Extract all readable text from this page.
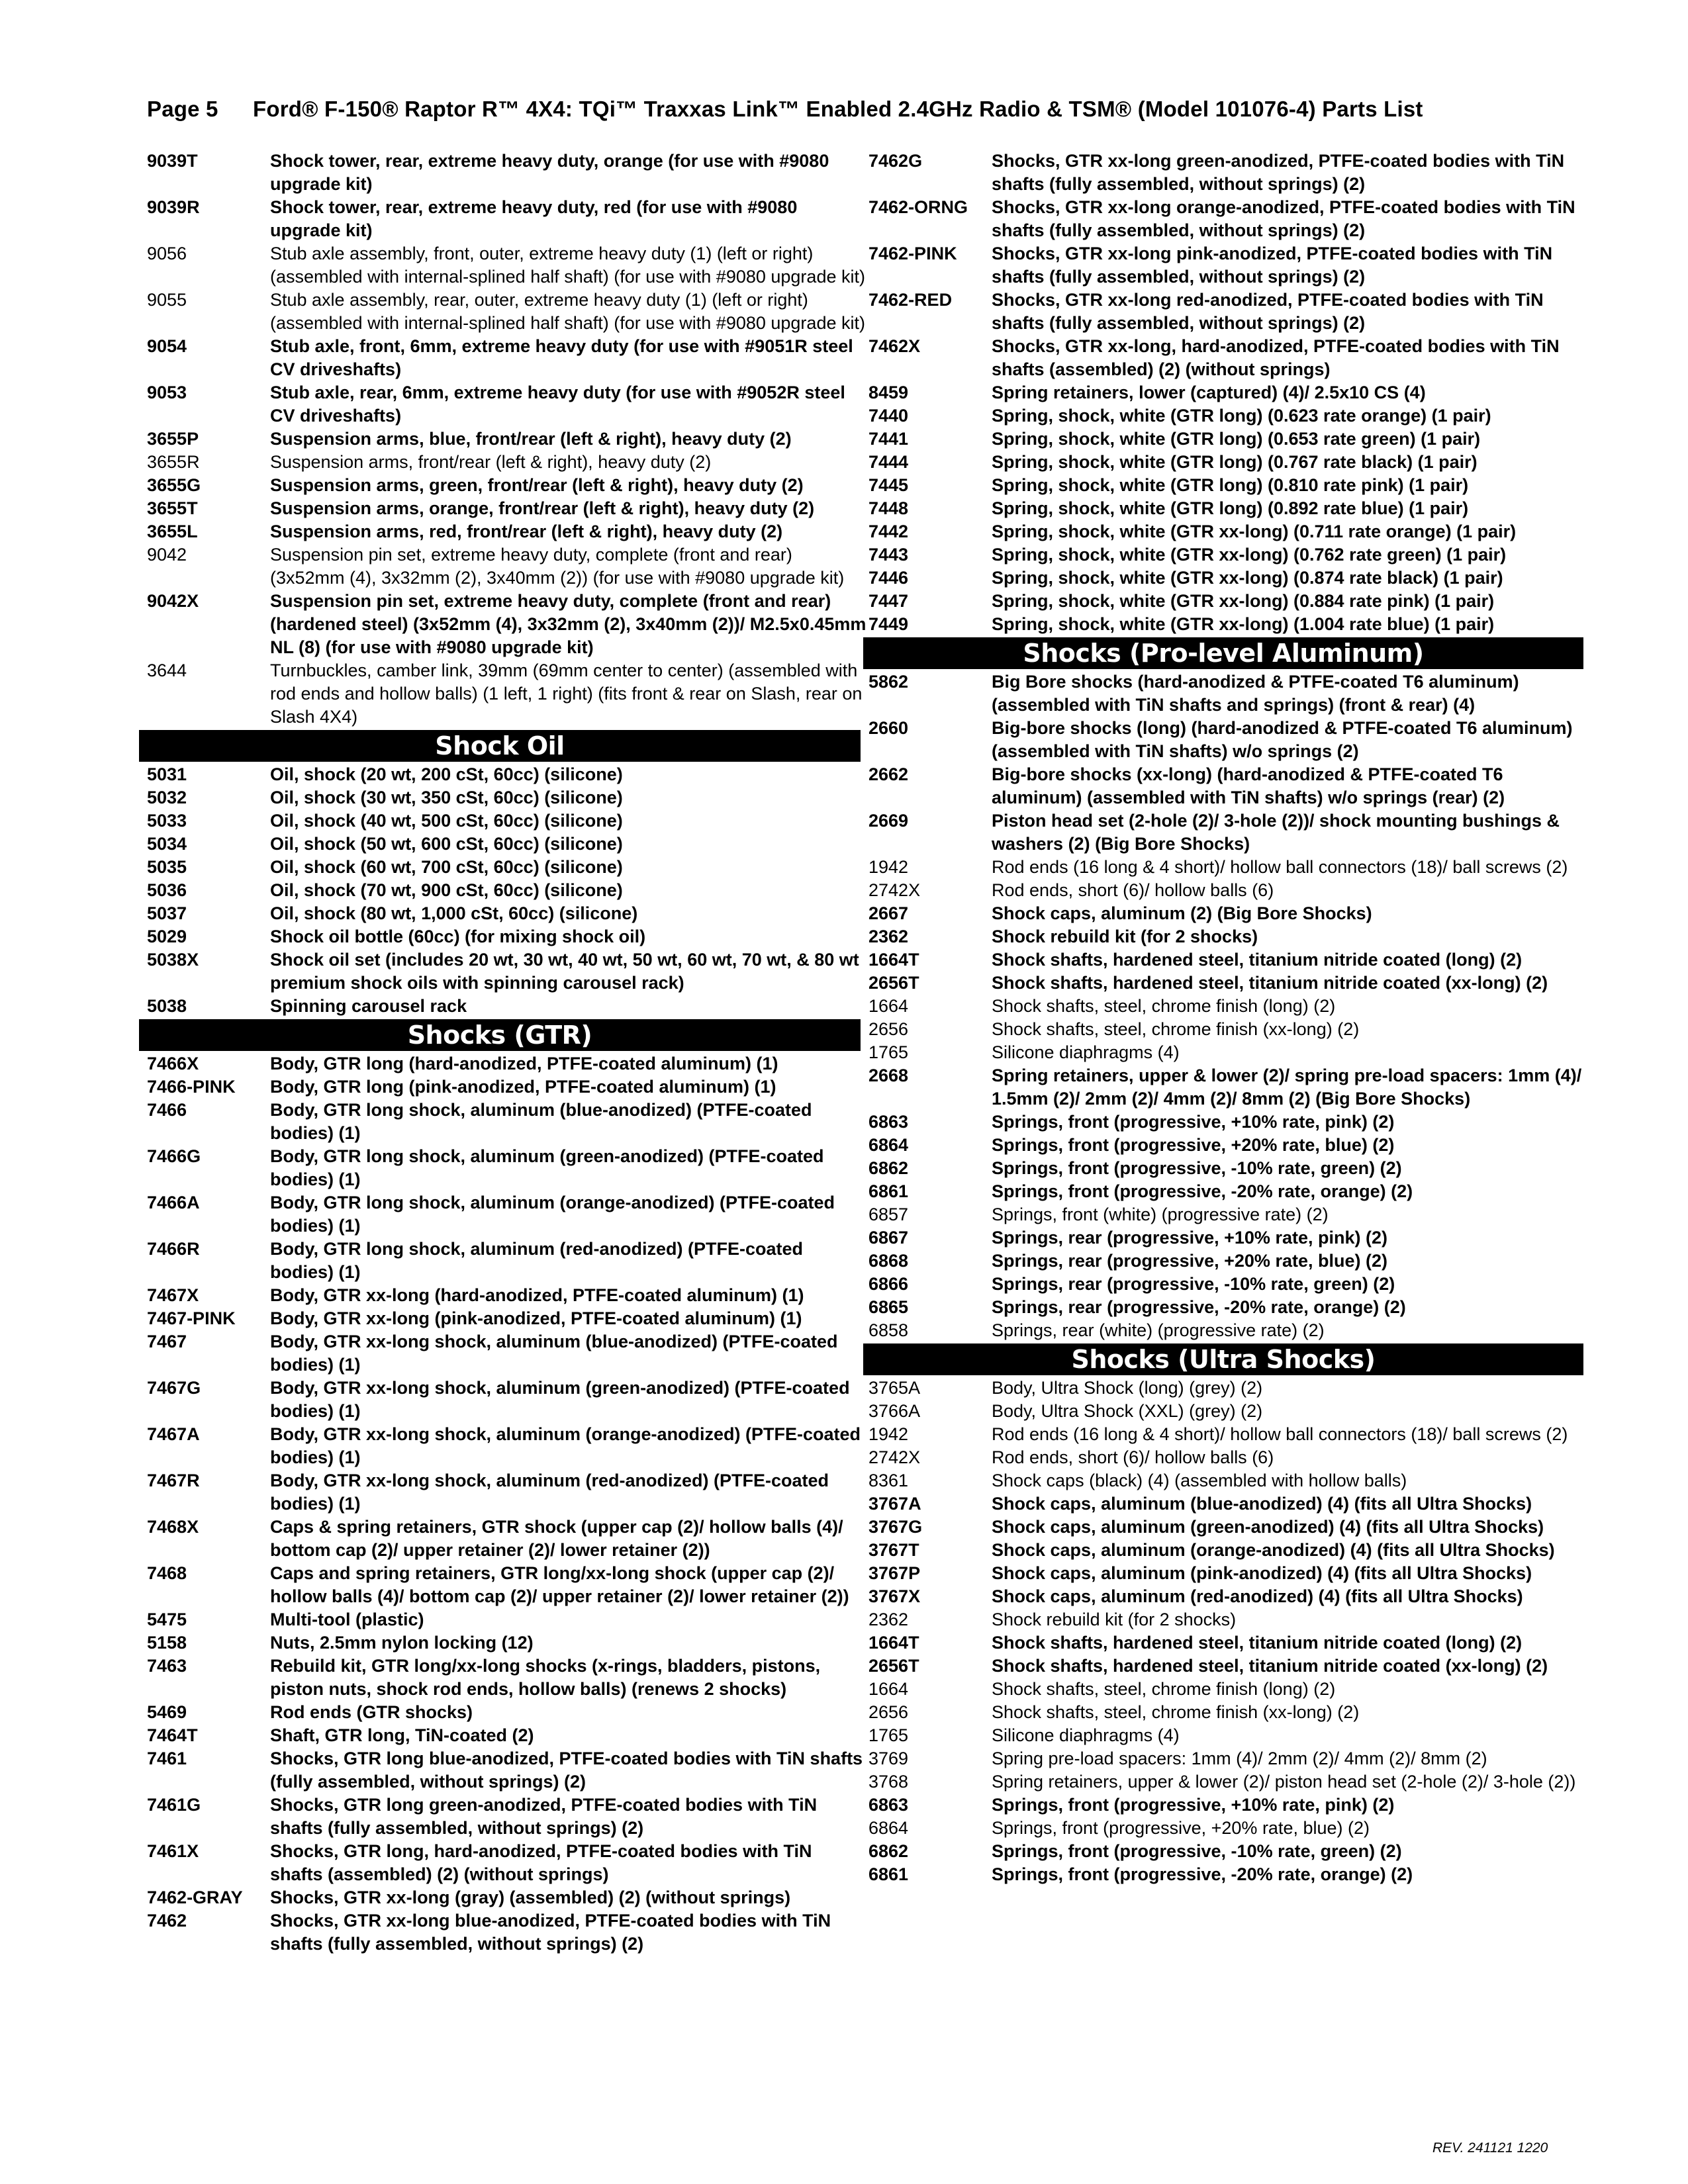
Page 5 Ford® F-150® Raptor R™ 4X4: TQi™ Traxxas Link™ Enabled 2.4GHz Radio & TSM® (Model 101076-4) Parts List
9039T	Shock tower, rear, extreme heavy duty, orange (for use with #9080 upgrade kit)
9039R	Shock tower, rear, extreme heavy duty, red (for use with #9080 upgrade kit)
9056	Stub axle assembly, front, outer, extreme heavy duty (1) (left or right) (assembled with internal-splined half shaft) (for use with #9080 upgrade kit)
9055	Stub axle assembly, rear, outer, extreme heavy duty (1) (left or right) (assembled with internal-splined half shaft) (for use with #9080 upgrade kit)
9054	Stub axle, front, 6mm, extreme heavy duty (for use with #9051R steel CV driveshafts)
9053	Stub axle, rear, 6mm, extreme heavy duty (for use with #9052R steel CV driveshafts)
3655P	Suspension arms, blue, front/rear (left & right), heavy duty (2)
3655R	Suspension arms, front/rear (left & right), heavy duty (2)
3655G	Suspension arms, green, front/rear (left & right), heavy duty (2)
3655T	Suspension arms, orange, front/rear (left & right), heavy duty (2)
3655L	Suspension arms, red, front/rear (left & right), heavy duty (2)
9042	Suspension pin set, extreme heavy duty, complete (front and rear) (3x52mm (4), 3x32mm (2), 3x40mm (2)) (for use with #9080 upgrade kit)
9042X	Suspension pin set, extreme heavy duty, complete (front and rear) (hardened steel) (3x52mm (4), 3x32mm (2), 3x40mm (2))/ M2.5x0.45mm NL (8) (for use with #9080 upgrade kit)
3644	Turnbuckles, camber link, 39mm (69mm center to center) (assembled with rod ends and hollow balls) (1 left, 1 right) (fits front & rear on Slash, rear on Slash 4X4)
Shock Oil
5031	Oil, shock (20 wt, 200 cSt, 60cc) (silicone)
5032	Oil, shock (30 wt, 350 cSt, 60cc) (silicone)
5033	Oil, shock (40 wt, 500 cSt, 60cc) (silicone)
5034	Oil, shock (50 wt, 600 cSt, 60cc) (silicone)
5035	Oil, shock (60 wt, 700 cSt, 60cc) (silicone)
5036	Oil, shock (70 wt, 900 cSt, 60cc) (silicone)
5037	Oil, shock (80 wt, 1,000 cSt, 60cc) (silicone)
5029	Shock oil bottle (60cc) (for mixing shock oil)
5038X	Shock oil set (includes 20 wt, 30 wt, 40 wt, 50 wt, 60 wt, 70 wt, & 80 wt premium shock oils with spinning carousel rack)
5038	Spinning carousel rack
Shocks (GTR)
7466X	Body, GTR long (hard-anodized, PTFE-coated aluminum) (1)
7466-PINK	Body, GTR long (pink-anodized, PTFE-coated aluminum) (1)
7466	Body, GTR long shock, aluminum (blue-anodized) (PTFE-coated bodies) (1)
7466G	Body, GTR long shock, aluminum (green-anodized) (PTFE-coated bodies) (1)
7466A	Body, GTR long shock, aluminum (orange-anodized) (PTFE-coated bodies) (1)
7466R	Body, GTR long shock, aluminum (red-anodized) (PTFE-coated bodies) (1)
7467X	Body, GTR xx-long (hard-anodized, PTFE-coated aluminum) (1)
7467-PINK	Body, GTR xx-long (pink-anodized, PTFE-coated aluminum) (1)
7467	Body, GTR xx-long shock, aluminum (blue-anodized) (PTFE-coated bodies) (1)
7467G	Body, GTR xx-long shock, aluminum (green-anodized) (PTFE-coated bodies) (1)
7467A	Body, GTR xx-long shock, aluminum (orange-anodized) (PTFE-coated bodies) (1)
7467R	Body, GTR xx-long shock, aluminum (red-anodized) (PTFE-coated bodies) (1)
7468X	Caps & spring retainers, GTR shock (upper cap (2)/ hollow balls (4)/ bottom cap (2)/ upper retainer (2)/ lower retainer (2))
7468	Caps and spring retainers, GTR long/xx-long shock (upper cap (2)/ hollow balls (4)/ bottom cap (2)/ upper retainer (2)/ lower retainer (2))
5475	Multi-tool (plastic)
5158	Nuts, 2.5mm nylon locking (12)
7463	Rebuild kit, GTR long/xx-long shocks (x-rings, bladders, pistons, piston nuts, shock rod ends, hollow balls) (renews 2 shocks)
5469	Rod ends (GTR shocks)
7464T	Shaft, GTR long, TiN-coated (2)
7461	Shocks, GTR long blue-anodized, PTFE-coated bodies with TiN shafts (fully assembled, without springs) (2)
7461G	Shocks, GTR long green-anodized, PTFE-coated bodies with TiN shafts (fully assembled, without springs) (2)
7461X	Shocks, GTR long, hard-anodized, PTFE-coated bodies with TiN shafts (assembled) (2) (without springs)
7462-GRAY	Shocks, GTR xx-long (gray) (assembled) (2) (without springs)
7462	Shocks, GTR xx-long blue-anodized, PTFE-coated bodies with TiN shafts (fully assembled, without springs) (2)
7462G	Shocks, GTR xx-long green-anodized, PTFE-coated bodies with TiN shafts (fully assembled, without springs) (2)
7462-ORNG	Shocks, GTR xx-long orange-anodized, PTFE-coated bodies with TiN shafts (fully assembled, without springs) (2)
7462-PINK	Shocks, GTR xx-long pink-anodized, PTFE-coated bodies with TiN shafts (fully assembled, without springs) (2)
7462-RED	Shocks, GTR xx-long red-anodized, PTFE-coated bodies with TiN shafts (fully assembled, without springs) (2)
7462X	Shocks, GTR xx-long, hard-anodized, PTFE-coated bodies with TiN shafts (assembled) (2) (without springs)
8459	Spring retainers, lower (captured) (4)/ 2.5x10 CS (4)
7440	Spring, shock, white (GTR long) (0.623 rate orange) (1 pair)
7441	Spring, shock, white (GTR long) (0.653 rate green) (1 pair)
7444	Spring, shock, white (GTR long) (0.767 rate black) (1 pair)
7445	Spring, shock, white (GTR long) (0.810 rate pink) (1 pair)
7448	Spring, shock, white (GTR long) (0.892 rate blue) (1 pair)
7442	Spring, shock, white (GTR xx-long) (0.711 rate orange) (1 pair)
7443	Spring, shock, white (GTR xx-long) (0.762 rate green) (1 pair)
7446	Spring, shock, white (GTR xx-long) (0.874 rate black) (1 pair)
7447	Spring, shock, white (GTR xx-long) (0.884 rate pink) (1 pair)
7449	Spring, shock, white (GTR xx-long) (1.004 rate blue) (1 pair)
Shocks (Pro-level Aluminum)
5862	Big Bore shocks (hard-anodized & PTFE-coated T6 aluminum) (assembled with TiN shafts and springs) (front & rear) (4)
2660	Big-bore shocks (long) (hard-anodized & PTFE-coated T6 aluminum) (assembled with TiN shafts) w/o springs (2)
2662	Big-bore shocks (xx-long) (hard-anodized & PTFE-coated T6 aluminum) (assembled with TiN shafts) w/o springs (rear) (2)
2669	Piston head set (2-hole (2)/ 3-hole (2))/ shock mounting bushings & washers (2) (Big Bore Shocks)
1942	Rod ends (16 long & 4 short)/ hollow ball connectors (18)/ ball screws (2)
2742X	Rod ends, short (6)/ hollow balls (6)
2667	Shock caps, aluminum (2) (Big Bore Shocks)
2362	Shock rebuild kit (for 2 shocks)
1664T	Shock shafts, hardened steel, titanium nitride coated (long) (2)
2656T	Shock shafts, hardened steel, titanium nitride coated (xx-long) (2)
1664	Shock shafts, steel, chrome finish (long) (2)
2656	Shock shafts, steel, chrome finish (xx-long) (2)
1765	Silicone diaphragms (4)
2668	Spring retainers, upper & lower (2)/ spring pre-load spacers: 1mm (4)/ 1.5mm (2)/ 2mm (2)/ 4mm (2)/ 8mm (2) (Big Bore Shocks)
6863	Springs, front (progressive, +10% rate, pink) (2)
6864	Springs, front (progressive, +20% rate, blue) (2)
6862	Springs, front (progressive, -10% rate, green) (2)
6861	Springs, front (progressive, -20% rate, orange) (2)
6857	Springs, front (white) (progressive rate) (2)
6867	Springs, rear (progressive, +10% rate, pink) (2)
6868	Springs, rear (progressive, +20% rate, blue) (2)
6866	Springs, rear (progressive, -10% rate, green) (2)
6865	Springs, rear (progressive, -20% rate, orange) (2)
6858	Springs, rear (white) (progressive rate) (2)
Shocks (Ultra Shocks)
3765A	Body, Ultra Shock (long) (grey) (2)
3766A	Body, Ultra Shock (XXL) (grey) (2)
1942	Rod ends (16 long & 4 short)/ hollow ball connectors (18)/ ball screws (2)
2742X	Rod ends, short (6)/ hollow balls (6)
8361	Shock caps (black) (4) (assembled with hollow balls)
3767A	Shock caps, aluminum (blue-anodized) (4) (fits all Ultra Shocks)
3767G	Shock caps, aluminum (green-anodized) (4) (fits all Ultra Shocks)
3767T	Shock caps, aluminum (orange-anodized) (4) (fits all Ultra Shocks)
3767P	Shock caps, aluminum (pink-anodized) (4) (fits all Ultra Shocks)
3767X	Shock caps, aluminum (red-anodized) (4) (fits all Ultra Shocks)
2362	Shock rebuild kit (for 2 shocks)
1664T	Shock shafts, hardened steel, titanium nitride coated (long) (2)
2656T	Shock shafts, hardened steel, titanium nitride coated (xx-long) (2)
1664	Shock shafts, steel, chrome finish (long) (2)
2656	Shock shafts, steel, chrome finish (xx-long) (2)
1765	Silicone diaphragms (4)
3769	Spring pre-load spacers: 1mm (4)/ 2mm (2)/ 4mm (2)/ 8mm (2)
3768	Spring retainers, upper & lower (2)/ piston head set (2-hole (2)/ 3-hole (2))
6863	Springs, front (progressive, +10% rate, pink) (2)
6864	Springs, front (progressive, +20% rate, blue) (2)
6862	Springs, front (progressive, -10% rate, green) (2)
6861	Springs, front (progressive, -20% rate, orange) (2)
REV. 241121 1220
